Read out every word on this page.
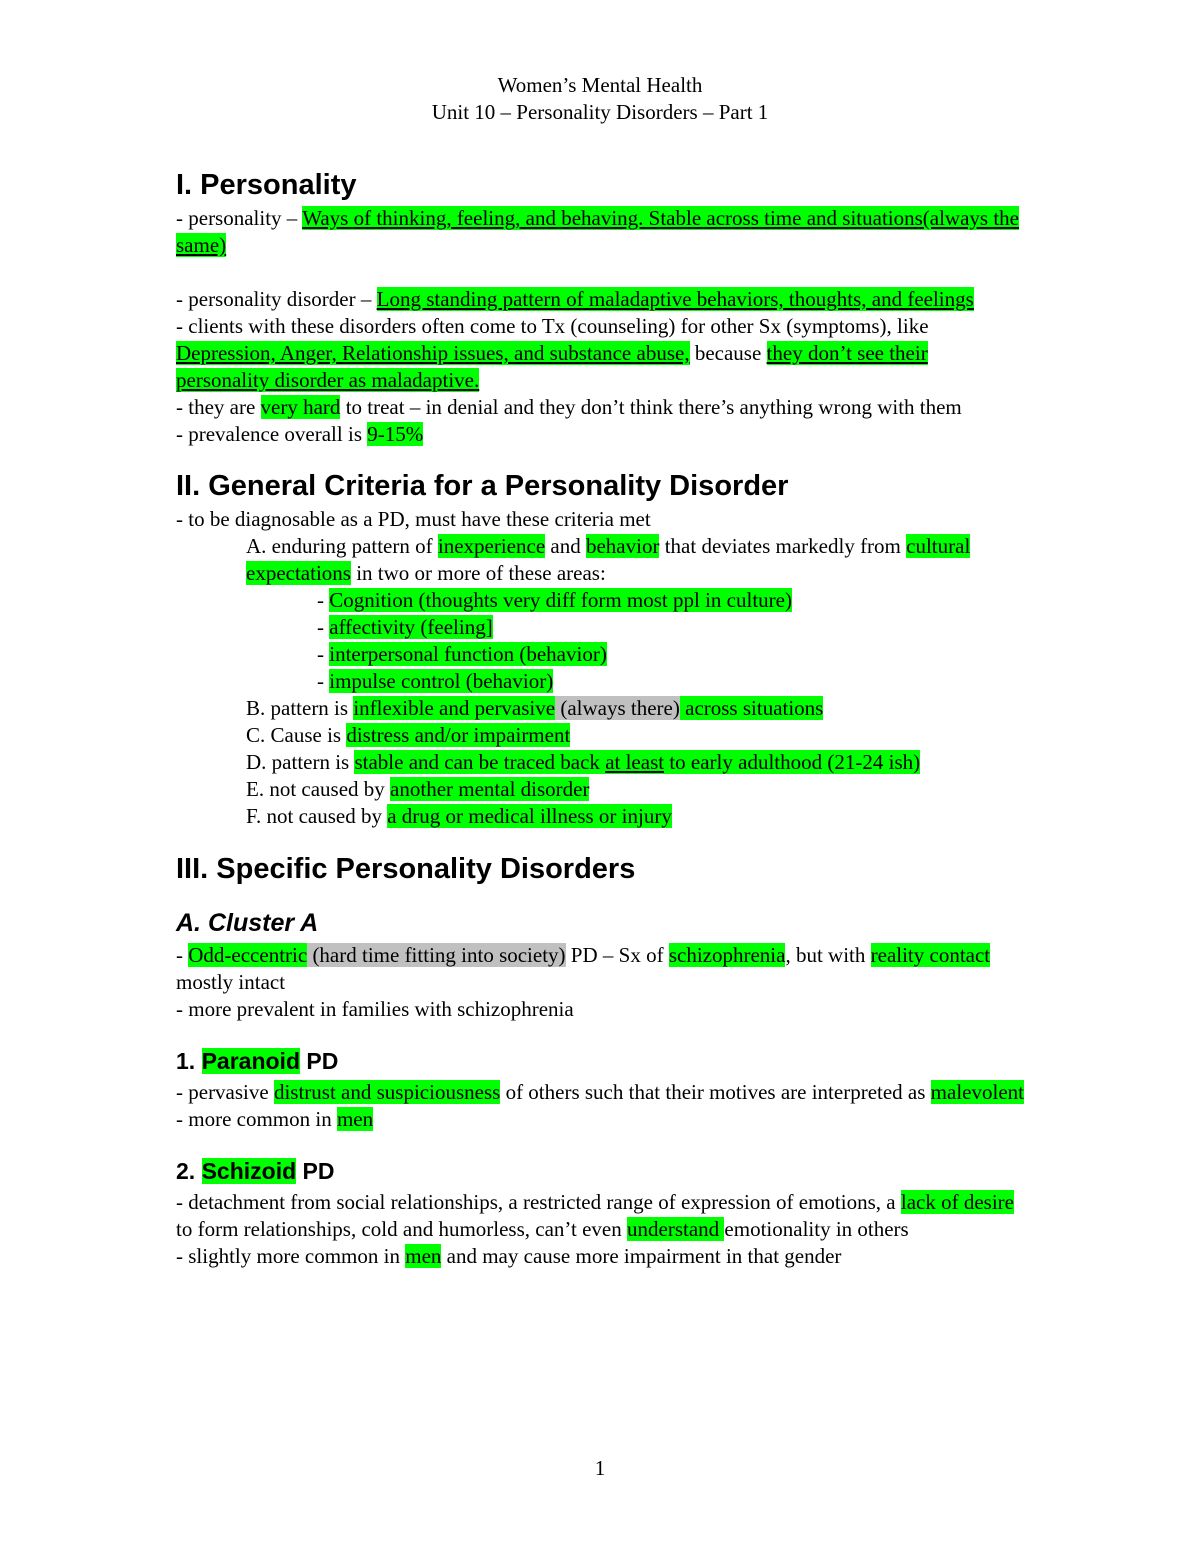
Women’s Mental Health
Unit 10 – Personality Disorders – Part 1
I. Personality

- personality – Ways of thinking, feeling, and behaving. Stable across time and situations(always the same)

- personality disorder – Long standing pattern of maladaptive behaviors, thoughts, and feelings

- clients with these disorders often come to Tx (counseling) for other Sx (symptoms), like Depression, Anger, Relationship issues, and substance abuse, because they don’t see their personality disorder as maladaptive.

- they are very hard to treat – in denial and they don’t think there’s anything wrong with them

- prevalence overall is 9-15%

II. General Criteria for a Personality Disorder

- to be diagnosable as a PD, must have these criteria met

A. enduring pattern of inexperience and behavior that deviates markedly from cultural expectations in two or more of these areas:

- Cognition (thoughts very diff form most ppl in culture)

- affectivity (feeling]

- interpersonal function (behavior)

- impulse control (behavior)

B. pattern is inflexible and pervasive (always there) across situations

C. Cause is distress and/or impairment

D. pattern is stable and can be traced back at least to early adulthood (21-24 ish)

E. not caused by another mental disorder

F. not caused by a drug or medical illness or injury

III. Specific Personality Disorders
A. Cluster A

- Odd-eccentric (hard time fitting into society) PD – Sx of schizophrenia, but with reality contact mostly intact

- more prevalent in families with schizophrenia

1. Paranoid PD

- pervasive distrust and suspiciousness of others such that their motives are interpreted as malevolent

- more common in men

2. Schizoid PD

- detachment from social relationships, a restricted range of expression of emotions, a lack of desire to form relationships, cold and humorless, can’t even understand emotionality in others

- slightly more common in men and may cause more impairment in that gender

1
